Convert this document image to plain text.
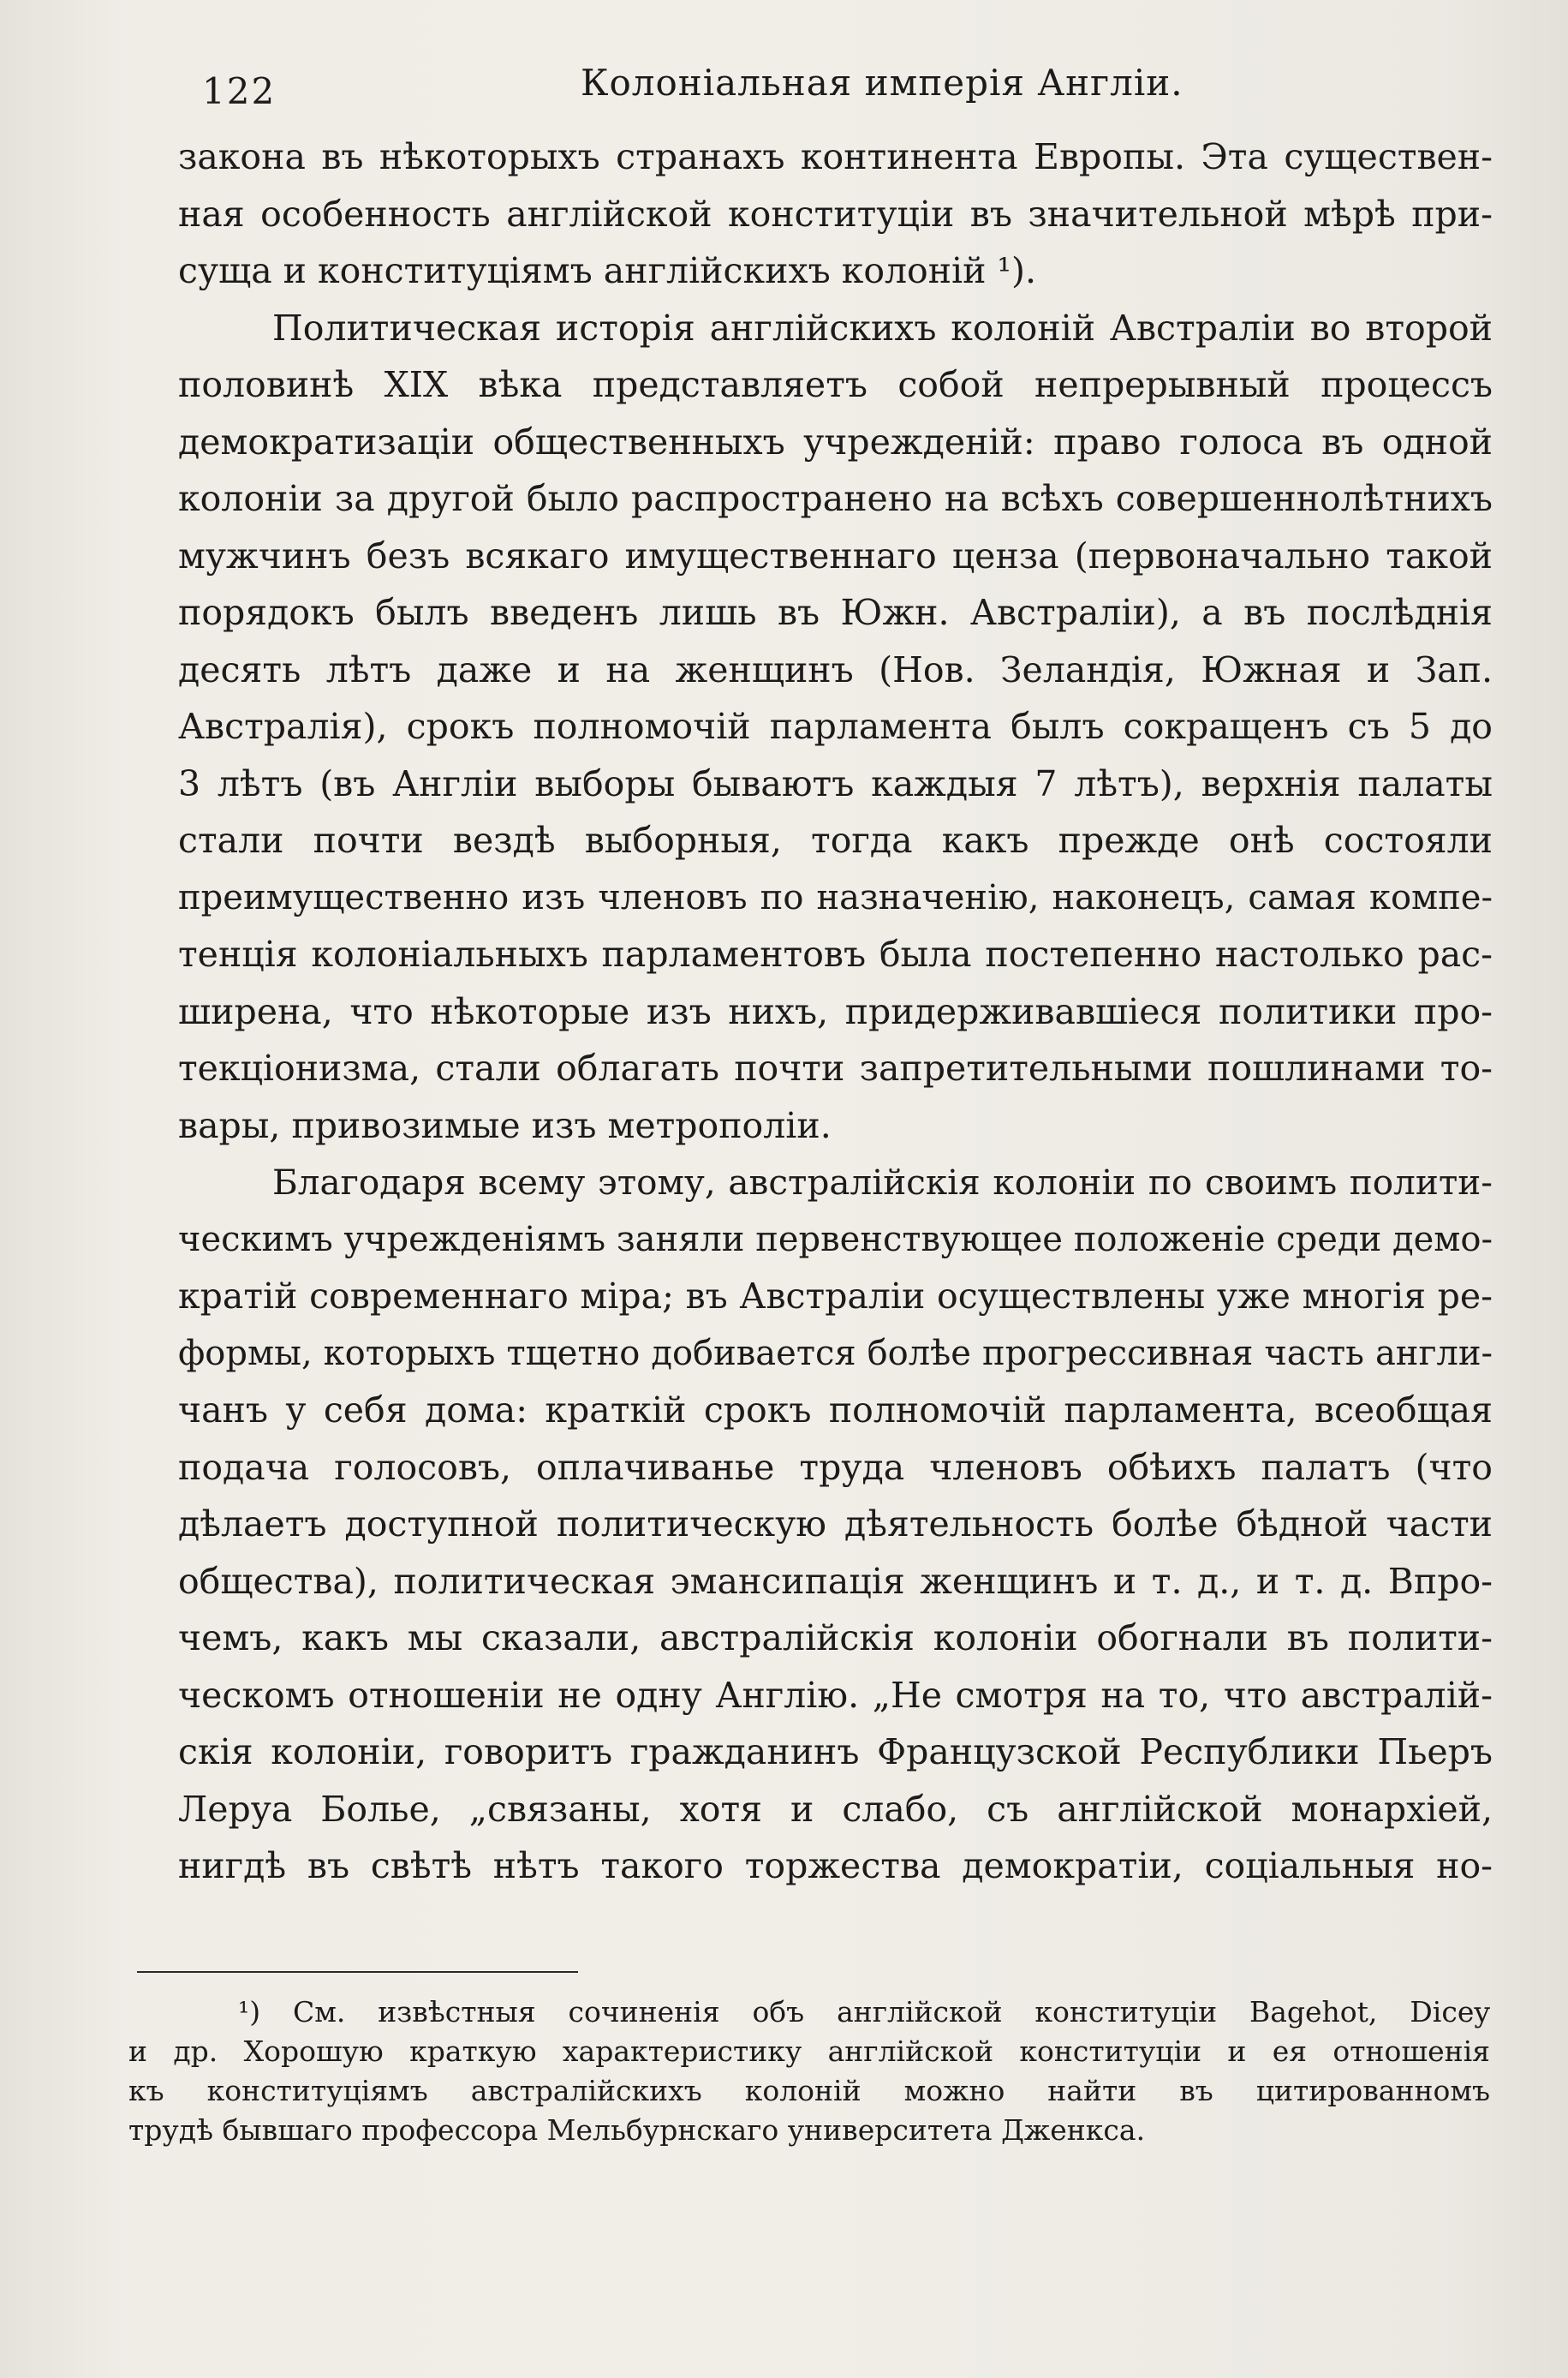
122	Колоніальная имперія Англіи.
закона въ нѣкоторыхъ странахъ континента Европы. Эта существен-
ная особенность англійской конституціи въ значительной мѣрѣ при-
суща и конституціямъ англійскихъ колоній ¹).
Политическая исторія англійскихъ колоній Австраліи во второй
половинѣ XIX вѣка представляетъ собой непрерывный процессъ
демократизаціи общественныхъ учрежденій: право голоса въ одной
колоніи за другой было распространено на всѣхъ совершеннолѣтнихъ
мужчинъ безъ всякаго имущественнаго ценза (первоначально такой
порядокъ былъ введенъ лишь въ Южн. Австраліи), а въ послѣднія
десять лѣтъ даже и на женщинъ (Нов. Зеландія, Южная и Зап.
Австралія), срокъ полномочій парламента былъ сокращенъ съ 5 до
3 лѣтъ (въ Англіи выборы бываютъ каждыя 7 лѣтъ), верхнія палаты
стали почти вездѣ выборныя, тогда какъ прежде онѣ состояли
преимущественно изъ членовъ по назначенію, наконецъ, самая компе-
тенція колоніальныхъ парламентовъ была постепенно настолько рас-
ширена, что нѣкоторые изъ нихъ, придерживавшіеся политики про-
текціонизма, стали облагать почти запретительными пошлинами то-
вары, привозимые изъ метрополіи.
Благодаря всему этому, австралійскія колоніи по своимъ полити-
ческимъ учрежденіямъ заняли первенствующее положеніе среди демо-
кратій современнаго міра; въ Австраліи осуществлены уже многія ре-
формы, которыхъ тщетно добивается болѣе прогрессивная часть англи-
чанъ у себя дома: краткій срокъ полномочій парламента, всеобщая
подача голосовъ, оплачиванье труда членовъ обѣихъ палатъ (что
дѣлаетъ доступной политическую дѣятельность болѣе бѣдной части
общества), политическая эмансипація женщинъ и т. д., и т. д. Впро-
чемъ, какъ мы сказали, австралійскія колоніи обогнали въ полити-
ческомъ отношеніи не одну Англію. „Не смотря на то, что австралій-
скія колоніи, говоритъ гражданинъ Французской Республики Пьеръ
Леруа Болье, „связаны, хотя и слабо, съ англійской монархіей,
нигдѣ въ свѣтѣ нѣтъ такого торжества демократіи, соціальныя но-
¹) См. извѣстныя сочиненія объ англійской конституціи Bagehot, Dicey
и др. Хорошую краткую характеристику англійской конституціи и ея отношенія
къ конституціямъ австралійскихъ колоній можно найти въ цитированномъ
трудѣ бывшаго профессора Мельбурнскаго университета Дженкса.
